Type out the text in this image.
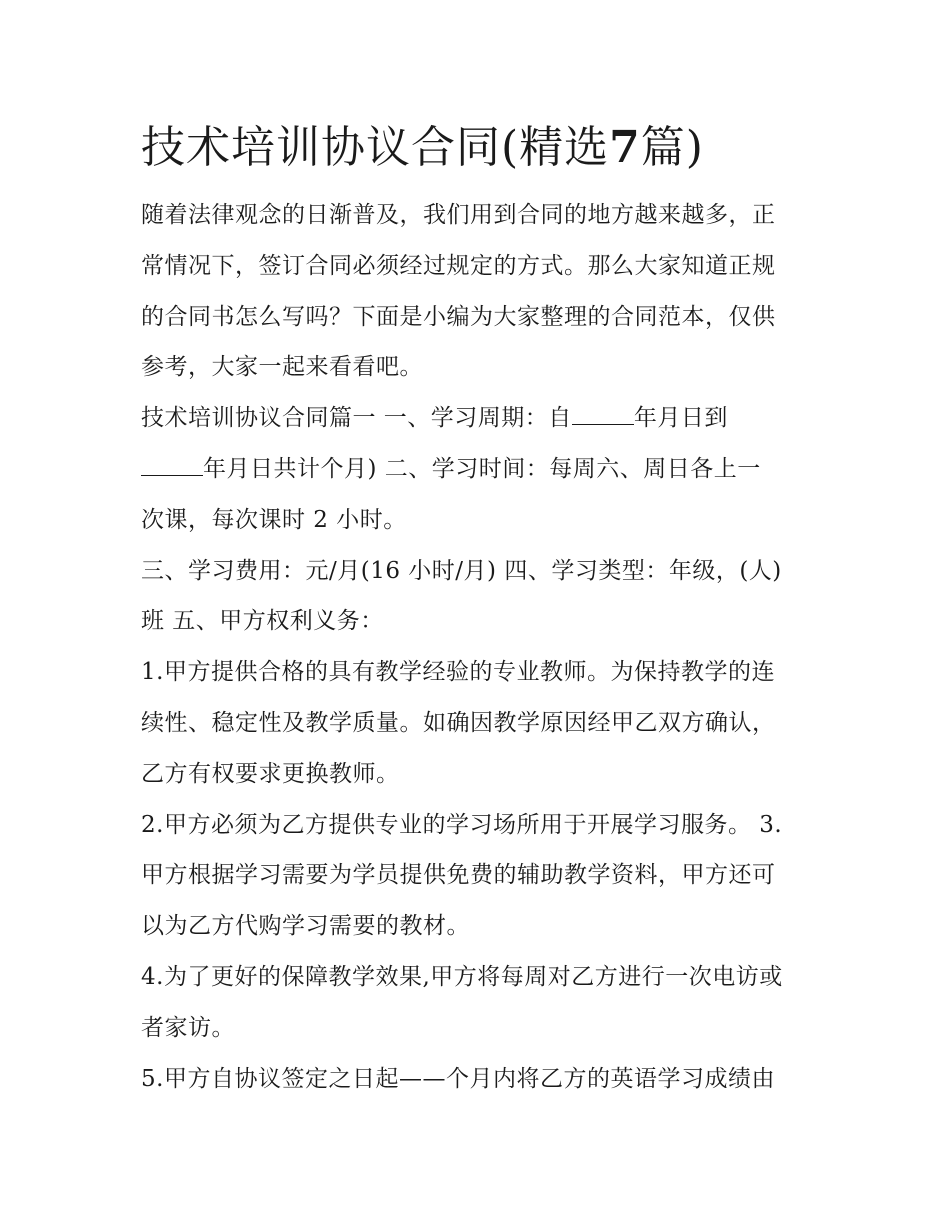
技术培训协议合同(精选7篇)

随着法律观念的日渐普及，我们用到合同的地方越来越多，正
常情况下，签订合同必须经过规定的方式。那么大家知道正规
的合同书怎么写吗？下面是小编为大家整理的合同范本，仅供
参考，大家一起来看看吧。

技术培训协议合同篇一 一、学习周期：自	年月日到
年月日共计个月) 二、学习时间：每周六、周日各上一
次课，每次课时 2 小时。

三、学习费用：元/月(16 小时/月) 四、学习类型：年级，(人)
班 五、甲方权利义务：

1.甲方提供合格的具有教学经验的专业教师。为保持教学的连
续性、稳定性及教学质量。如确因教学原因经甲乙双方确认，
乙方有权要求更换教师。

2.甲方必须为乙方提供专业的学习场所用于开展学习服务。 3.
甲方根据学习需要为学员提供免费的辅助教学资料，甲方还可
以为乙方代购学习需要的教材。

4.为了更好的保障教学效果,甲方将每周对乙方进行一次电访或
者家访。

5.甲方自协议签定之日起——个月内将乙方的英语学习成绩由
